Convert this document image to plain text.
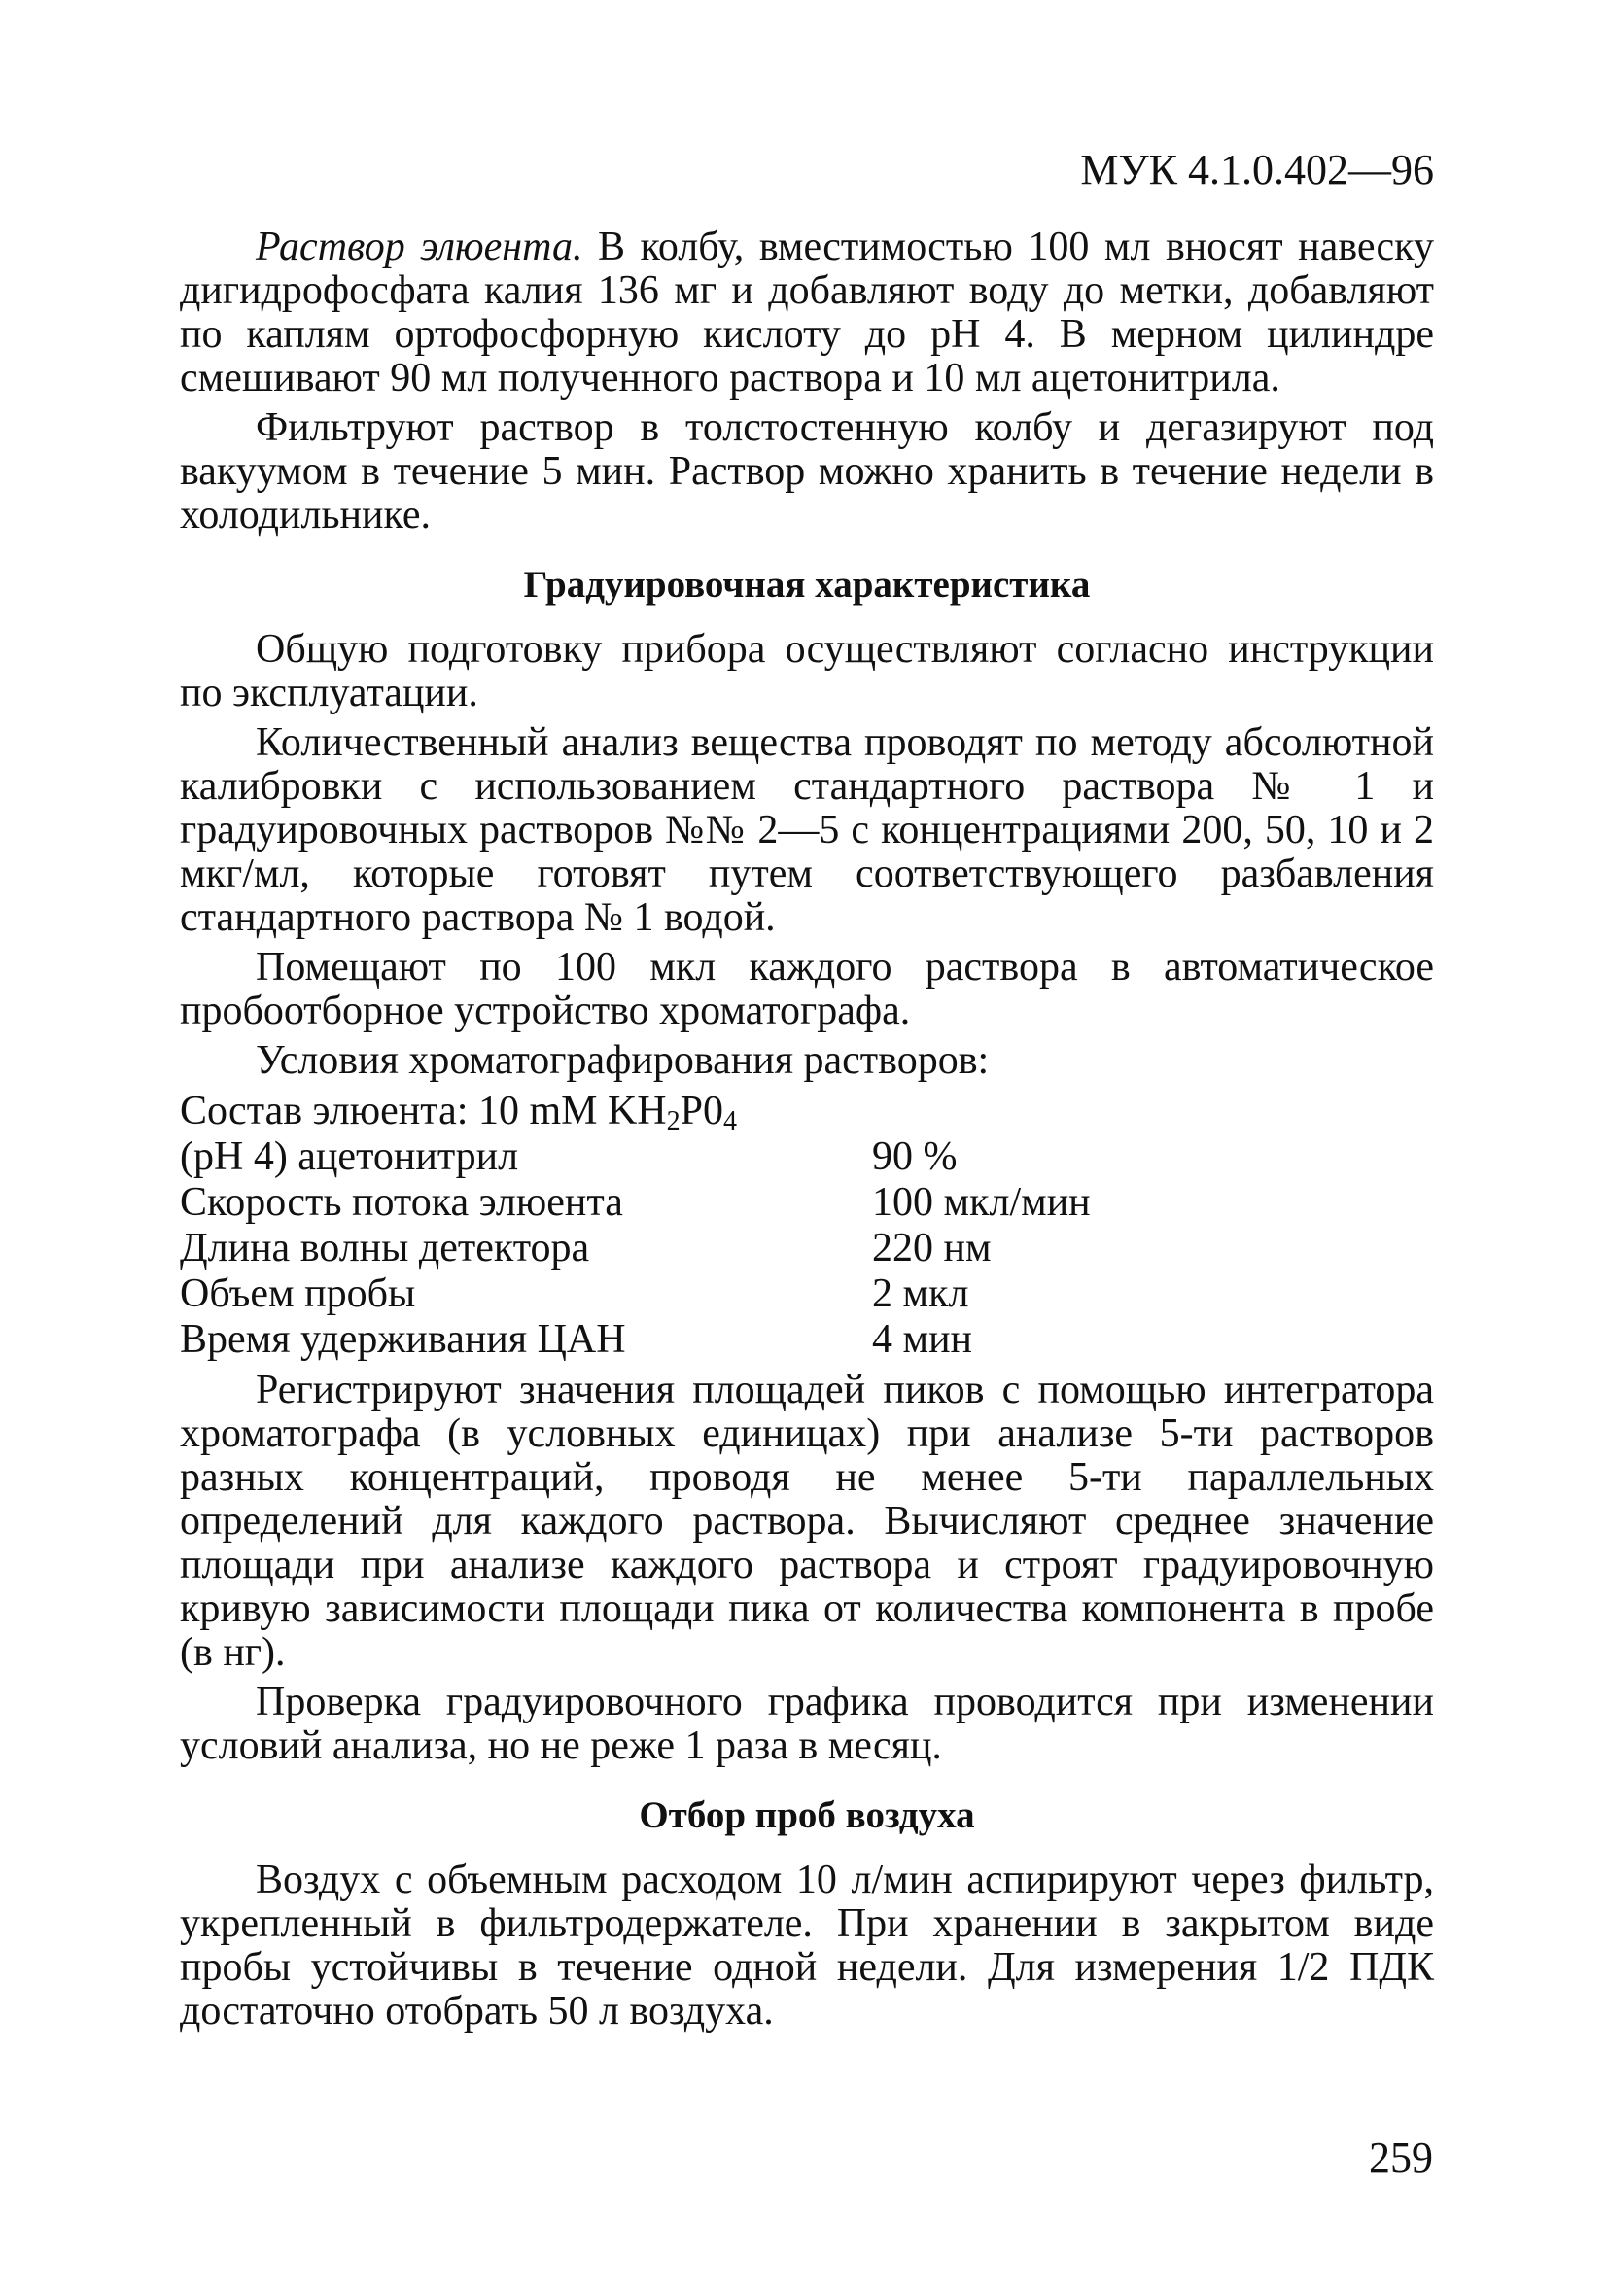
МУК 4.1.0.402—96

Раствор элюента. В колбу, вместимостью 100 мл вносят навеску дигидрофосфата калия 136 мг и добавляют воду до метки, добавляют по каплям ортофосфорную кислоту до рН 4. В мерном цилиндре смешивают 90 мл полученного раствора и 10 мл ацетонитрила.

Фильтруют раствор в толстостенную колбу и дегазируют под вакуумом в течение 5 мин. Раствор можно хранить в течение недели в холодильнике.

Градуировочная характеристика

Общую подготовку прибора осуществляют согласно инструкции по эксплуатации.

Количественный анализ вещества проводят по методу абсолютной калибровки с использованием стандартного раствора № 1 и градуировочных растворов №№ 2—5 с концентрациями 200, 50, 10 и 2 мкг/мл, которые готовят путем соответствующего разбавления стандартного раствора № 1 водой.

Помещают по 100 мкл каждого раствора в автоматическое пробоотборное устройство хроматографа.

Условия хроматографирования растворов:

Состав элюента: 10 mM $KH_2P0_4$
(рН 4) ацетонитрил	90 %
Скорость потока элюента	100 мкл/мин
Длина волны детектора	220 нм
Объем пробы	2 мкл
Время удерживания ЦАН	4 мин

Регистрируют значения площадей пиков с помощью интегратора хроматографа (в условных единицах) при анализе 5-ти растворов разных концентраций, проводя не менее 5-ти параллельных определений для каждого раствора. Вычисляют среднее значение площади при анализе каждого раствора и строят градуировочную кривую зависимости площади пика от количества компонента в пробе (в нг).

Проверка градуировочного графика проводится при изменении условий анализа, но не реже 1 раза в месяц.

Отбор проб воздуха

Воздух с объемным расходом 10 л/мин аспирируют через фильтр, укрепленный в фильтродержателе. При хранении в закрытом виде пробы устойчивы в течение одной недели. Для измерения 1/2 ПДК достаточно отобрать 50 л воздуха.

259
